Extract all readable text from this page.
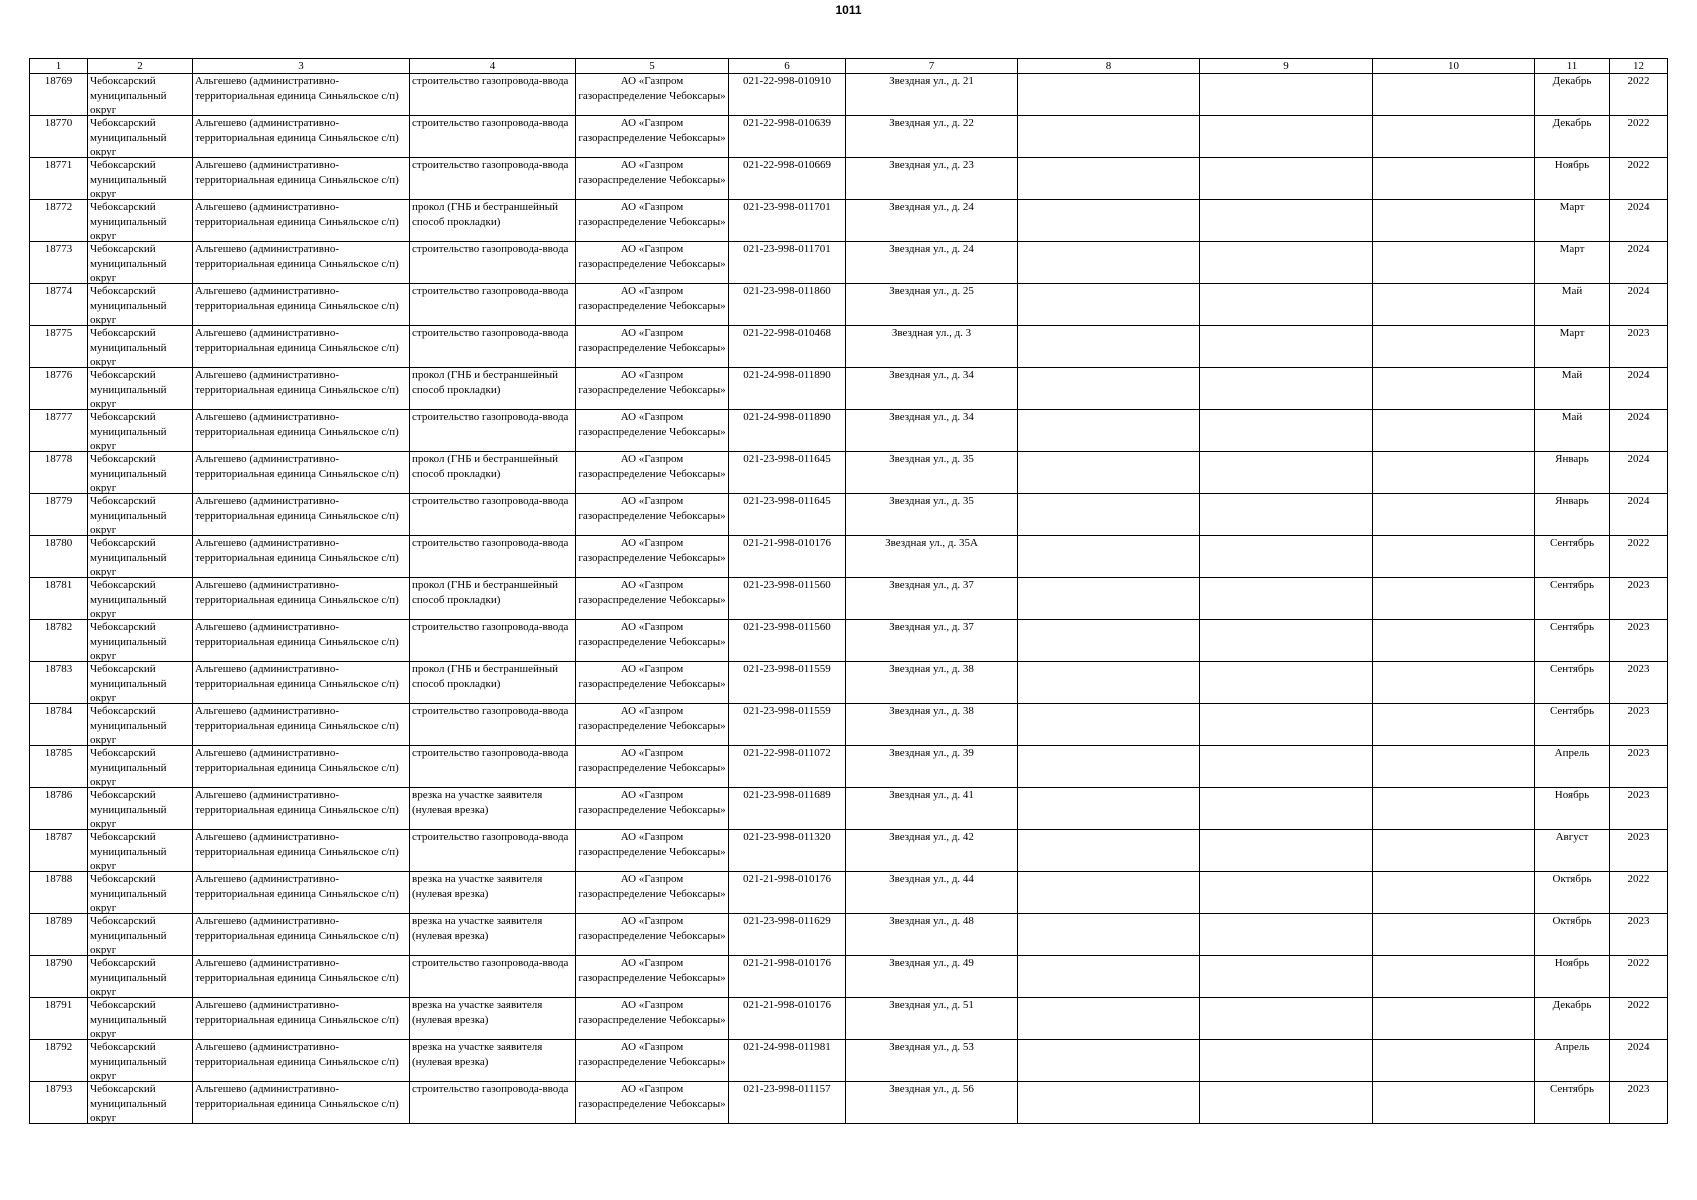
1011
1	2	3	4	5	6	7	8	9	10	11	12

18769	Чебоксарский муниципальный округ	Альгешево (административно-территориальная единица Синьяльское с/п)	строительство газопровода-ввода	АО «Газпром газораспределение Чебоксары»	021-22-998-010910	Звездная ул., д. 21				Декабрь	2022

18770	Чебоксарский муниципальный округ	Альгешево (административно-территориальная единица Синьяльское с/п)	строительство газопровода-ввода	АО «Газпром газораспределение Чебоксары»	021-22-998-010639	Звездная ул., д. 22				Декабрь	2022

18771	Чебоксарский муниципальный округ	Альгешево (административно-территориальная единица Синьяльское с/п)	строительство газопровода-ввода	АО «Газпром газораспределение Чебоксары»	021-22-998-010669	Звездная ул., д. 23				Ноябрь	2022

18772	Чебоксарский муниципальный округ	Альгешево (административно-территориальная единица Синьяльское с/п)	прокол (ГНБ и бестраншейный способ прокладки)	АО «Газпром газораспределение Чебоксары»	021-23-998-011701	Звездная ул., д. 24				Март	2024

18773	Чебоксарский муниципальный округ	Альгешево (административно-территориальная единица Синьяльское с/п)	строительство газопровода-ввода	АО «Газпром газораспределение Чебоксары»	021-23-998-011701	Звездная ул., д. 24				Март	2024

18774	Чебоксарский муниципальный округ	Альгешево (административно-территориальная единица Синьяльское с/п)	строительство газопровода-ввода	АО «Газпром газораспределение Чебоксары»	021-23-998-011860	Звездная ул., д. 25				Май	2024

18775	Чебоксарский муниципальный округ	Альгешево (административно-территориальная единица Синьяльское с/п)	строительство газопровода-ввода	АО «Газпром газораспределение Чебоксары»	021-22-998-010468	Звездная ул., д. 3				Март	2023

18776	Чебоксарский муниципальный округ	Альгешево (административно-территориальная единица Синьяльское с/п)	прокол (ГНБ и бестраншейный способ прокладки)	АО «Газпром газораспределение Чебоксары»	021-24-998-011890	Звездная ул., д. 34				Май	2024

18777	Чебоксарский муниципальный округ	Альгешево (административно-территориальная единица Синьяльское с/п)	строительство газопровода-ввода	АО «Газпром газораспределение Чебоксары»	021-24-998-011890	Звездная ул., д. 34				Май	2024

18778	Чебоксарский муниципальный округ	Альгешево (административно-территориальная единица Синьяльское с/п)	прокол (ГНБ и бестраншейный способ прокладки)	АО «Газпром газораспределение Чебоксары»	021-23-998-011645	Звездная ул., д. 35				Январь	2024

18779	Чебоксарский муниципальный округ	Альгешево (административно-территориальная единица Синьяльское с/п)	строительство газопровода-ввода	АО «Газпром газораспределение Чебоксары»	021-23-998-011645	Звездная ул., д. 35				Январь	2024

18780	Чебоксарский муниципальный округ	Альгешево (административно-территориальная единица Синьяльское с/п)	строительство газопровода-ввода	АО «Газпром газораспределение Чебоксары»	021-21-998-010176	Звездная ул., д. 35А				Сентябрь	2022

18781	Чебоксарский муниципальный округ	Альгешево (административно-территориальная единица Синьяльское с/п)	прокол (ГНБ и бестраншейный способ прокладки)	АО «Газпром газораспределение Чебоксары»	021-23-998-011560	Звездная ул., д. 37				Сентябрь	2023

18782	Чебоксарский муниципальный округ	Альгешево (административно-территориальная единица Синьяльское с/п)	строительство газопровода-ввода	АО «Газпром газораспределение Чебоксары»	021-23-998-011560	Звездная ул., д. 37				Сентябрь	2023

18783	Чебоксарский муниципальный округ	Альгешево (административно-территориальная единица Синьяльское с/п)	прокол (ГНБ и бестраншейный способ прокладки)	АО «Газпром газораспределение Чебоксары»	021-23-998-011559	Звездная ул., д. 38				Сентябрь	2023

18784	Чебоксарский муниципальный округ	Альгешево (административно-территориальная единица Синьяльское с/п)	строительство газопровода-ввода	АО «Газпром газораспределение Чебоксары»	021-23-998-011559	Звездная ул., д. 38				Сентябрь	2023

18785	Чебоксарский муниципальный округ	Альгешево (административно-территориальная единица Синьяльское с/п)	строительство газопровода-ввода	АО «Газпром газораспределение Чебоксары»	021-22-998-011072	Звездная ул., д. 39				Апрель	2023

18786	Чебоксарский муниципальный округ	Альгешево (административно-территориальная единица Синьяльское с/п)	врезка на участке заявителя (нулевая врезка)	АО «Газпром газораспределение Чебоксары»	021-23-998-011689	Звездная ул., д. 41				Ноябрь	2023

18787	Чебоксарский муниципальный округ	Альгешево (административно-территориальная единица Синьяльское с/п)	строительство газопровода-ввода	АО «Газпром газораспределение Чебоксары»	021-23-998-011320	Звездная ул., д. 42				Август	2023

18788	Чебоксарский муниципальный округ	Альгешево (административно-территориальная единица Синьяльское с/п)	врезка на участке заявителя (нулевая врезка)	АО «Газпром газораспределение Чебоксары»	021-21-998-010176	Звездная ул., д. 44				Октябрь	2022

18789	Чебоксарский муниципальный округ	Альгешево (административно-территориальная единица Синьяльское с/п)	врезка на участке заявителя (нулевая врезка)	АО «Газпром газораспределение Чебоксары»	021-23-998-011629	Звездная ул., д. 48				Октябрь	2023

18790	Чебоксарский муниципальный округ	Альгешево (административно-территориальная единица Синьяльское с/п)	строительство газопровода-ввода	АО «Газпром газораспределение Чебоксары»	021-21-998-010176	Звездная ул., д. 49				Ноябрь	2022

18791	Чебоксарский муниципальный округ	Альгешево (административно-территориальная единица Синьяльское с/п)	врезка на участке заявителя (нулевая врезка)	АО «Газпром газораспределение Чебоксары»	021-21-998-010176	Звездная ул., д. 51				Декабрь	2022

18792	Чебоксарский муниципальный округ	Альгешево (административно-территориальная единица Синьяльское с/п)	врезка на участке заявителя (нулевая врезка)	АО «Газпром газораспределение Чебоксары»	021-24-998-011981	Звездная ул., д. 53				Апрель	2024

18793	Чебоксарский муниципальный округ	Альгешево (административно-территориальная единица Синьяльское с/п)	строительство газопровода-ввода	АО «Газпром газораспределение Чебоксары»	021-23-998-011157	Звездная ул., д. 56				Сентябрь	2023
